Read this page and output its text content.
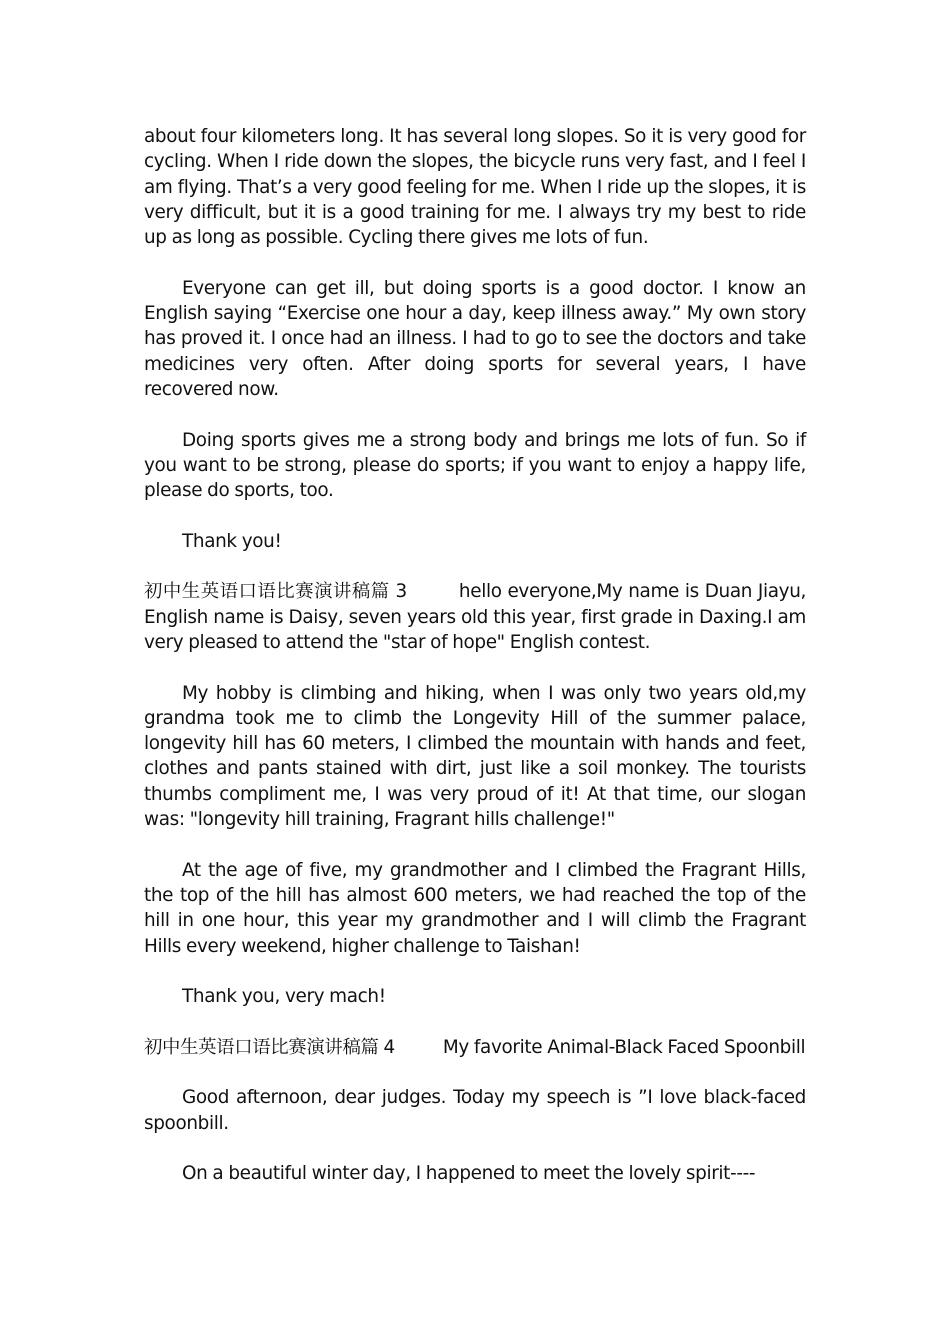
about four kilometers long. It has several long slopes. So it is very good for cycling. When I ride down the slopes, the bicycle runs very fast, and I feel I am flying. That’s a very good feeling for me. When I ride up the slopes, it is very difficult, but it is a good training for me. I always try my best to ride up as long as possible. Cycling there gives me lots of fun.

Everyone can get ill, but doing sports is a good doctor. I know an English saying “Exercise one hour a day, keep illness away.” My own story has proved it. I once had an illness. I had to go to see the doctors and take medicines very often. After doing sports for several years, I have recovered now.

Doing sports gives me a strong body and brings me lots of fun. So if you want to be strong, please do sports; if you want to enjoy a happy life, please do sports, too.

Thank you!

初中生英语口语比赛演讲稿篇 3	hello everyone,My name is Duan Jiayu, English name is Daisy, seven years old this year, first grade in Daxing.I am very pleased to attend the "star of hope" English contest.

My hobby is climbing and hiking, when I was only two years old,my grandma took me to climb the Longevity Hill of the summer palace, longevity hill has 60 meters, I climbed the mountain with hands and feet, clothes and pants stained with dirt, just like a soil monkey. The tourists thumbs compliment me, I was very proud of it! At that time, our slogan was: "longevity hill training, Fragrant hills challenge!"

At the age of five, my grandmother and I climbed the Fragrant Hills, the top of the hill has almost 600 meters, we had reached the top of the hill in one hour, this year my grandmother and I will climb the Fragrant Hills every weekend, higher challenge to Taishan!

Thank you, very mach!

初中生英语口语比赛演讲稿篇 4	My favorite Animal-Black Faced Spoonbill

Good afternoon, dear judges. Today my speech is ”I love black-faced spoonbill.

On a beautiful winter day, I happened to meet the lovely spirit----
